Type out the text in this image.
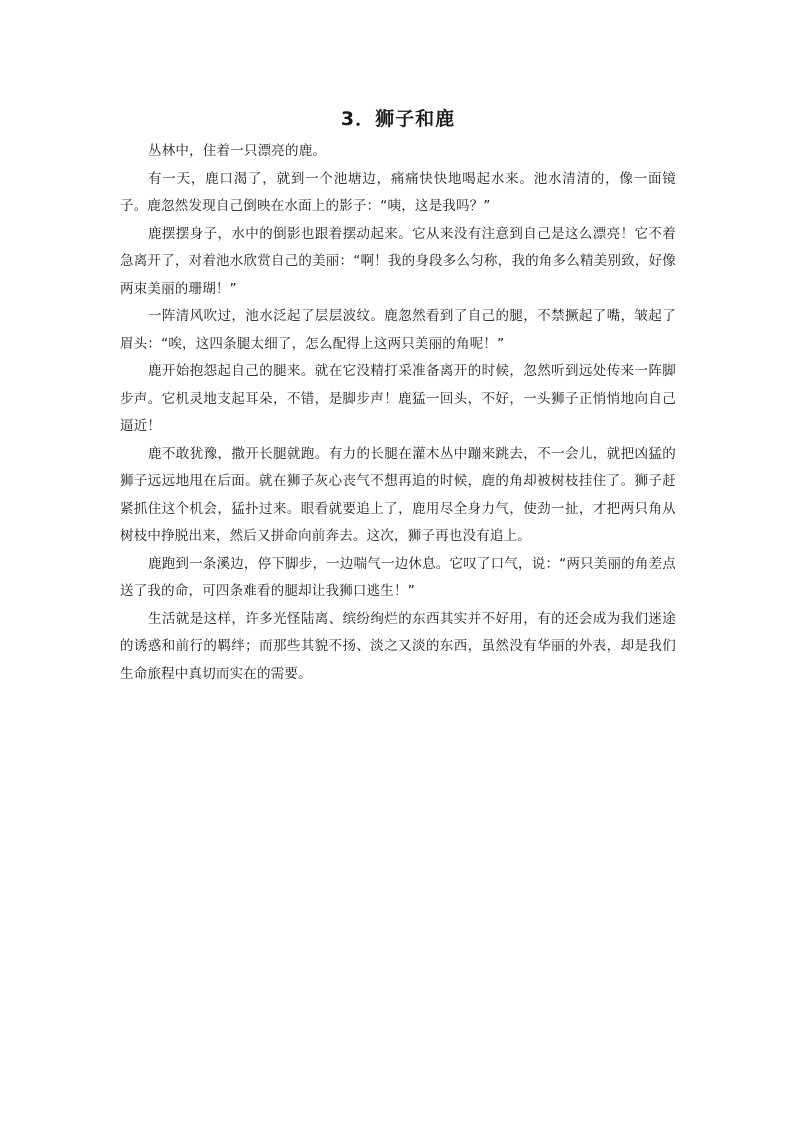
3．狮子和鹿

丛林中，住着一只漂亮的鹿。

有一天，鹿口渴了，就到一个池塘边，痛痛快快地喝起水来。池水清清的，像一面镜子。鹿忽然发现自己倒映在水面上的影子：“咦，这是我吗？”

鹿摆摆身子，水中的倒影也跟着摆动起来。它从来没有注意到自己是这么漂亮！它不着急离开了，对着池水欣赏自己的美丽：“啊！我的身段多么匀称，我的角多么精美别致，好像两束美丽的珊瑚！”

一阵清风吹过，池水泛起了层层波纹。鹿忽然看到了自己的腿，不禁撅起了嘴，皱起了眉头：“唉，这四条腿太细了，怎么配得上这两只美丽的角呢！”

鹿开始抱怨起自己的腿来。就在它没精打采准备离开的时候，忽然听到远处传来一阵脚步声。它机灵地支起耳朵，不错，是脚步声！鹿猛一回头，不好，一头狮子正悄悄地向自己逼近！

鹿不敢犹豫，撒开长腿就跑。有力的长腿在灌木丛中蹦来跳去，不一会儿，就把凶猛的狮子远远地甩在后面。就在狮子灰心丧气不想再追的时候，鹿的角却被树枝挂住了。狮子赶紧抓住这个机会，猛扑过来。眼看就要追上了，鹿用尽全身力气，使劲一扯，才把两只角从树枝中挣脱出来，然后又拼命向前奔去。这次，狮子再也没有追上。

鹿跑到一条溪边，停下脚步，一边喘气一边休息。它叹了口气，说：“两只美丽的角差点送了我的命，可四条难看的腿却让我狮口逃生！”

生活就是这样，许多光怪陆离、缤纷绚烂的东西其实并不好用，有的还会成为我们迷途的诱惑和前行的羁绊；而那些其貌不扬、淡之又淡的东西，虽然没有华丽的外表，却是我们生命旅程中真切而实在的需要。
